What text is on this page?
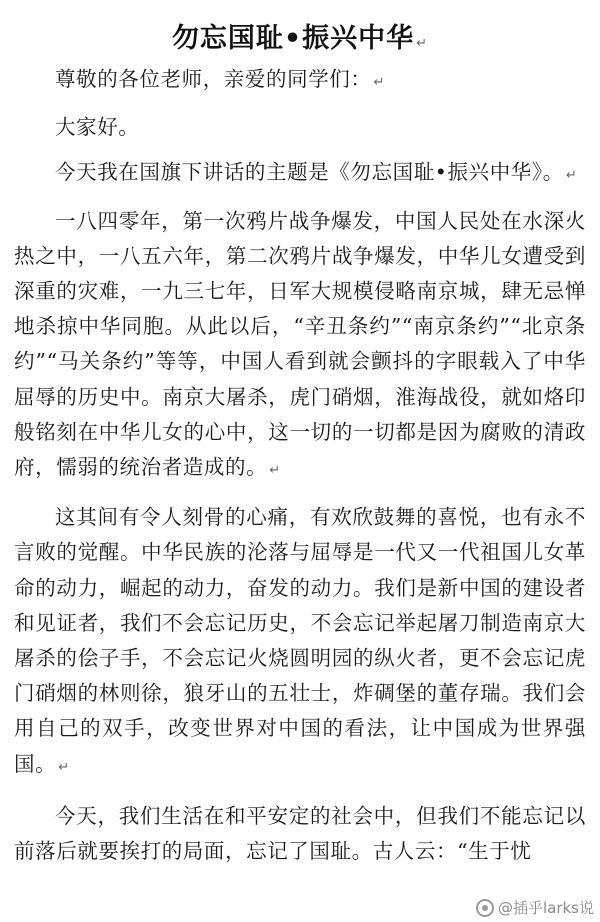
勿忘国耻•振兴中华 ↵

尊敬的各位老师，亲爱的同学们： ↵

大家好。

今天我在国旗下讲话的主题是《勿忘国耻•振兴中华》。 ↵

一八四零年，第一次鸦片战争爆发，中国人民处在水深火热之中，一八五六年，第二次鸦片战争爆发，中华儿女遭受到深重的灾难，一九三七年，日军大规模侵略南京城，肆无忌惮地杀掠中华同胞。从此以后，“辛丑条约”“南京条约”“北京条约”“马关条约”等等，中国人看到就会颤抖的字眼载入了中华屈辱的历史中。南京大屠杀，虎门硝烟，淮海战役，就如烙印般铭刻在中华儿女的心中，这一切的一切都是因为腐败的清政府，懦弱的统治者造成的。 ↵

这其间有令人刻骨的心痛，有欢欣鼓舞的喜悦，也有永不言败的觉醒。中华民族的沦落与屈辱是一代又一代祖国儿女革命的动力，崛起的动力，奋发的动力。我们是新中国的建设者和见证者，我们不会忘记历史，不会忘记举起屠刀制造南京大屠杀的侩子手，不会忘记火烧圆明园的纵火者，更不会忘记虎门硝烟的林则徐，狼牙山的五壮士，炸碉堡的董存瑞。我们会用自己的双手，改变世界对中国的看法，让中国成为世界强国。 ↵

今天，我们生活在和平安定的社会中，但我们不能忘记以前落后就要挨打的局面，忘记了国耻。古人云：“生于忧

@插乎larks说
